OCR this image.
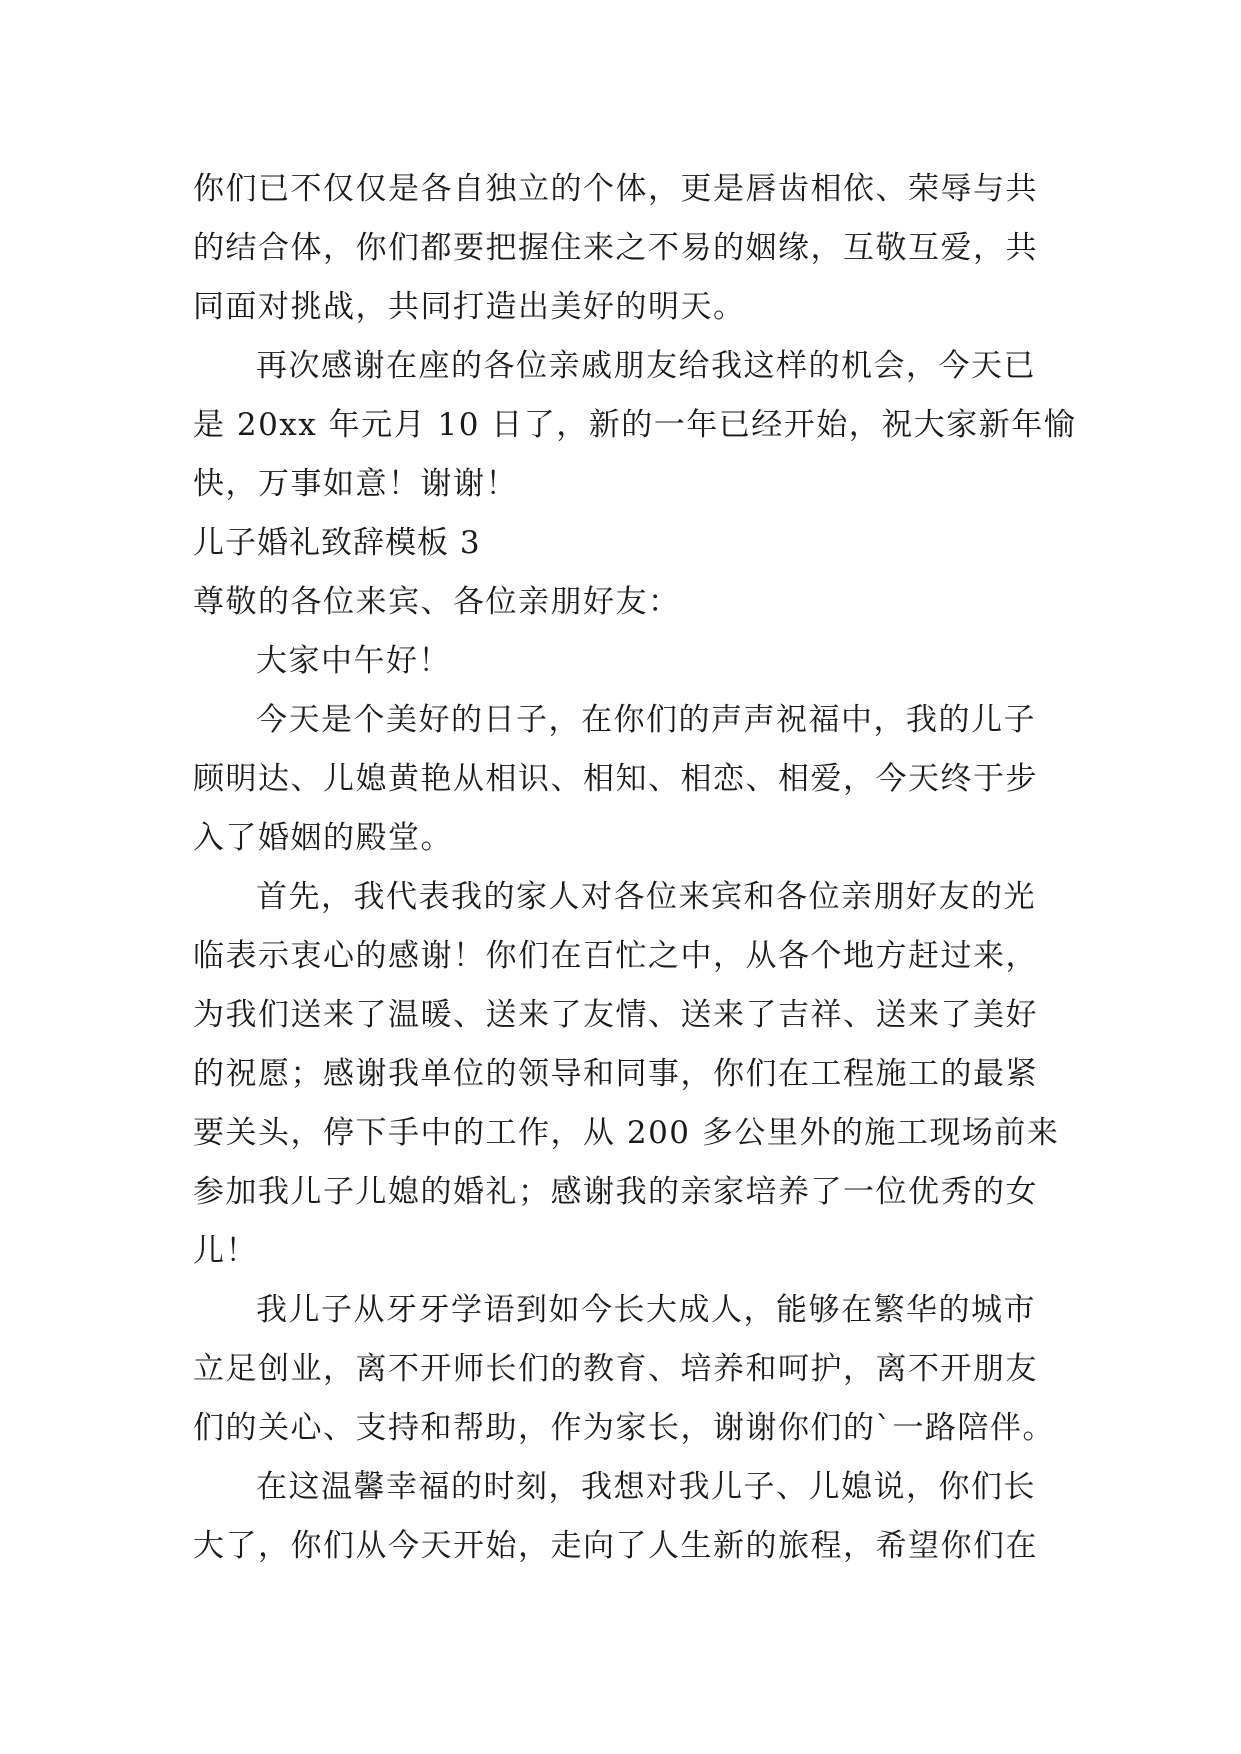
你们已不仅仅是各自独立的个体，更是唇齿相依、荣辱与共
的结合体，你们都要把握住来之不易的姻缘，互敬互爱，共
同面对挑战，共同打造出美好的明天。
再次感谢在座的各位亲戚朋友给我这样的机会，今天已
是 20xx 年元月 10 日了，新的一年已经开始，祝大家新年愉
快，万事如意！谢谢！
儿子婚礼致辞模板 3
尊敬的各位来宾、各位亲朋好友：
大家中午好！
今天是个美好的日子，在你们的声声祝福中，我的儿子
顾明达、儿媳黄艳从相识、相知、相恋、相爱，今天终于步
入了婚姻的殿堂。
首先，我代表我的家人对各位来宾和各位亲朋好友的光
临表示衷心的感谢！你们在百忙之中，从各个地方赶过来，
为我们送来了温暖、送来了友情、送来了吉祥、送来了美好
的祝愿；感谢我单位的领导和同事，你们在工程施工的最紧
要关头，停下手中的工作，从 200 多公里外的施工现场前来
参加我儿子儿媳的婚礼；感谢我的亲家培养了一位优秀的女
儿！
我儿子从牙牙学语到如今长大成人，能够在繁华的城市
立足创业，离不开师长们的教育、培养和呵护，离不开朋友
们的关心、支持和帮助，作为家长，谢谢你们的`一路陪伴。
在这温馨幸福的时刻，我想对我儿子、儿媳说，你们长
大了，你们从今天开始，走向了人生新的旅程，希望你们在
